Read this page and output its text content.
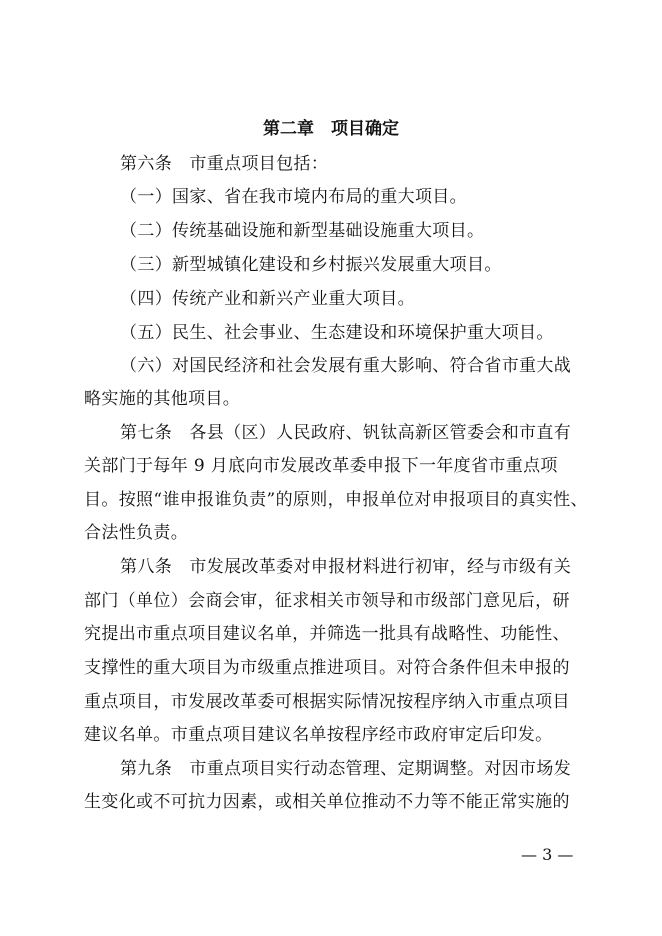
第二章　项目确定
第六条　市重点项目包括：
（一）国家、省在我市境内布局的重大项目。
（二）传统基础设施和新型基础设施重大项目。
（三）新型城镇化建设和乡村振兴发展重大项目。
（四）传统产业和新兴产业重大项目。
（五）民生、社会事业、生态建设和环境保护重大项目。
（六）对国民经济和社会发展有重大影响、符合省市重大战
略实施的其他项目。
第七条　各县（区）人民政府、钒钛高新区管委会和市直有
关部门于每年 9 月底向市发展改革委申报下一年度省市重点项
目。按照“谁申报谁负责”的原则，申报单位对申报项目的真实性、
合法性负责。
第八条　市发展改革委对申报材料进行初审，经与市级有关
部门（单位）会商会审，征求相关市领导和市级部门意见后，研
究提出市重点项目建议名单，并筛选一批具有战略性、功能性、
支撑性的重大项目为市级重点推进项目。对符合条件但未申报的
重点项目，市发展改革委可根据实际情况按程序纳入市重点项目
建议名单。市重点项目建议名单按程序经市政府审定后印发。
第九条　市重点项目实行动态管理、定期调整。对因市场发
生变化或不可抗力因素，或相关单位推动不力等不能正常实施的
— 3 —
